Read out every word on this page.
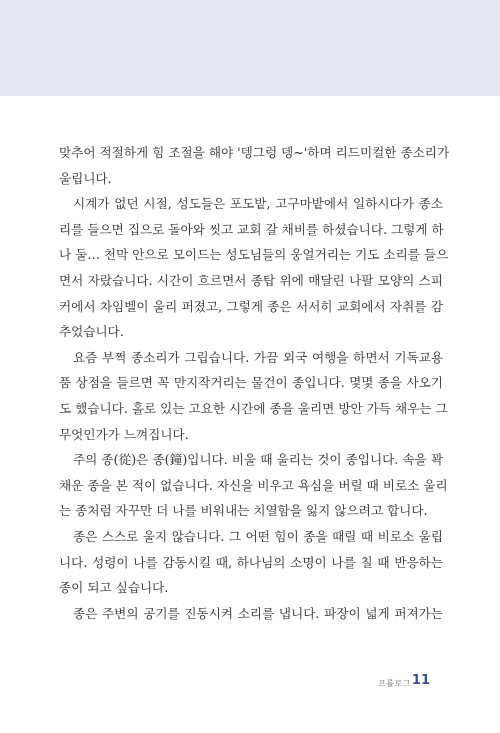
맞추어 적절하게 힘 조절을 해야 '뎅그렁 뎅~'하며 리드미컬한 종소리가

울립니다.

시계가 없던 시절, 성도들은 포도밭, 고구마밭에서 일하시다가 종소

리를 들으면 집으로 돌아와 씻고 교회 갈 채비를 하셨습니다. 그렇게 하

나 둘… 천막 안으로 모이드는 성도님들의 웅얼거리는 기도 소리를 들으

면서 자랐습니다. 시간이 흐르면서 종탑 위에 매달린 나팔 모양의 스피

커에서 차임벨이 울리 퍼졌고, 그렇게 종은 서서히 교회에서 자취를 감

추었습니다.

요즘 부쩍 종소리가 그립습니다. 가끔 외국 여행을 하면서 기독교용

품 상점을 들르면 꼭 만지작거리는 물건이 종입니다. 몇몇 종을 사오기

도 했습니다. 홀로 있는 고요한 시간에 종을 울리면 방안 가득 채우는 그

무엇인가가 느껴집니다.

주의 종(從)은 종(鐘)입니다. 비울 때 울리는 것이 종입니다. 속을 꽉

채운 종을 본 적이 없습니다. 자신을 비우고 욕심을 버릴 때 비로소 울리

는 종처럼 자꾸만 더 나를 비워내는 치열함을 잃지 않으려고 합니다.

종은 스스로 울지 않습니다. 그 어떤 힘이 종을 때릴 때 비로소 울립

니다. 성령이 나를 감동시킬 때, 하나님의 소명이 나를 칠 때 반응하는

종이 되고 싶습니다.

종은 주변의 공기를 진동시켜 소리를 냅니다. 파장이 넓게 퍼져가는

프롤로그 11
